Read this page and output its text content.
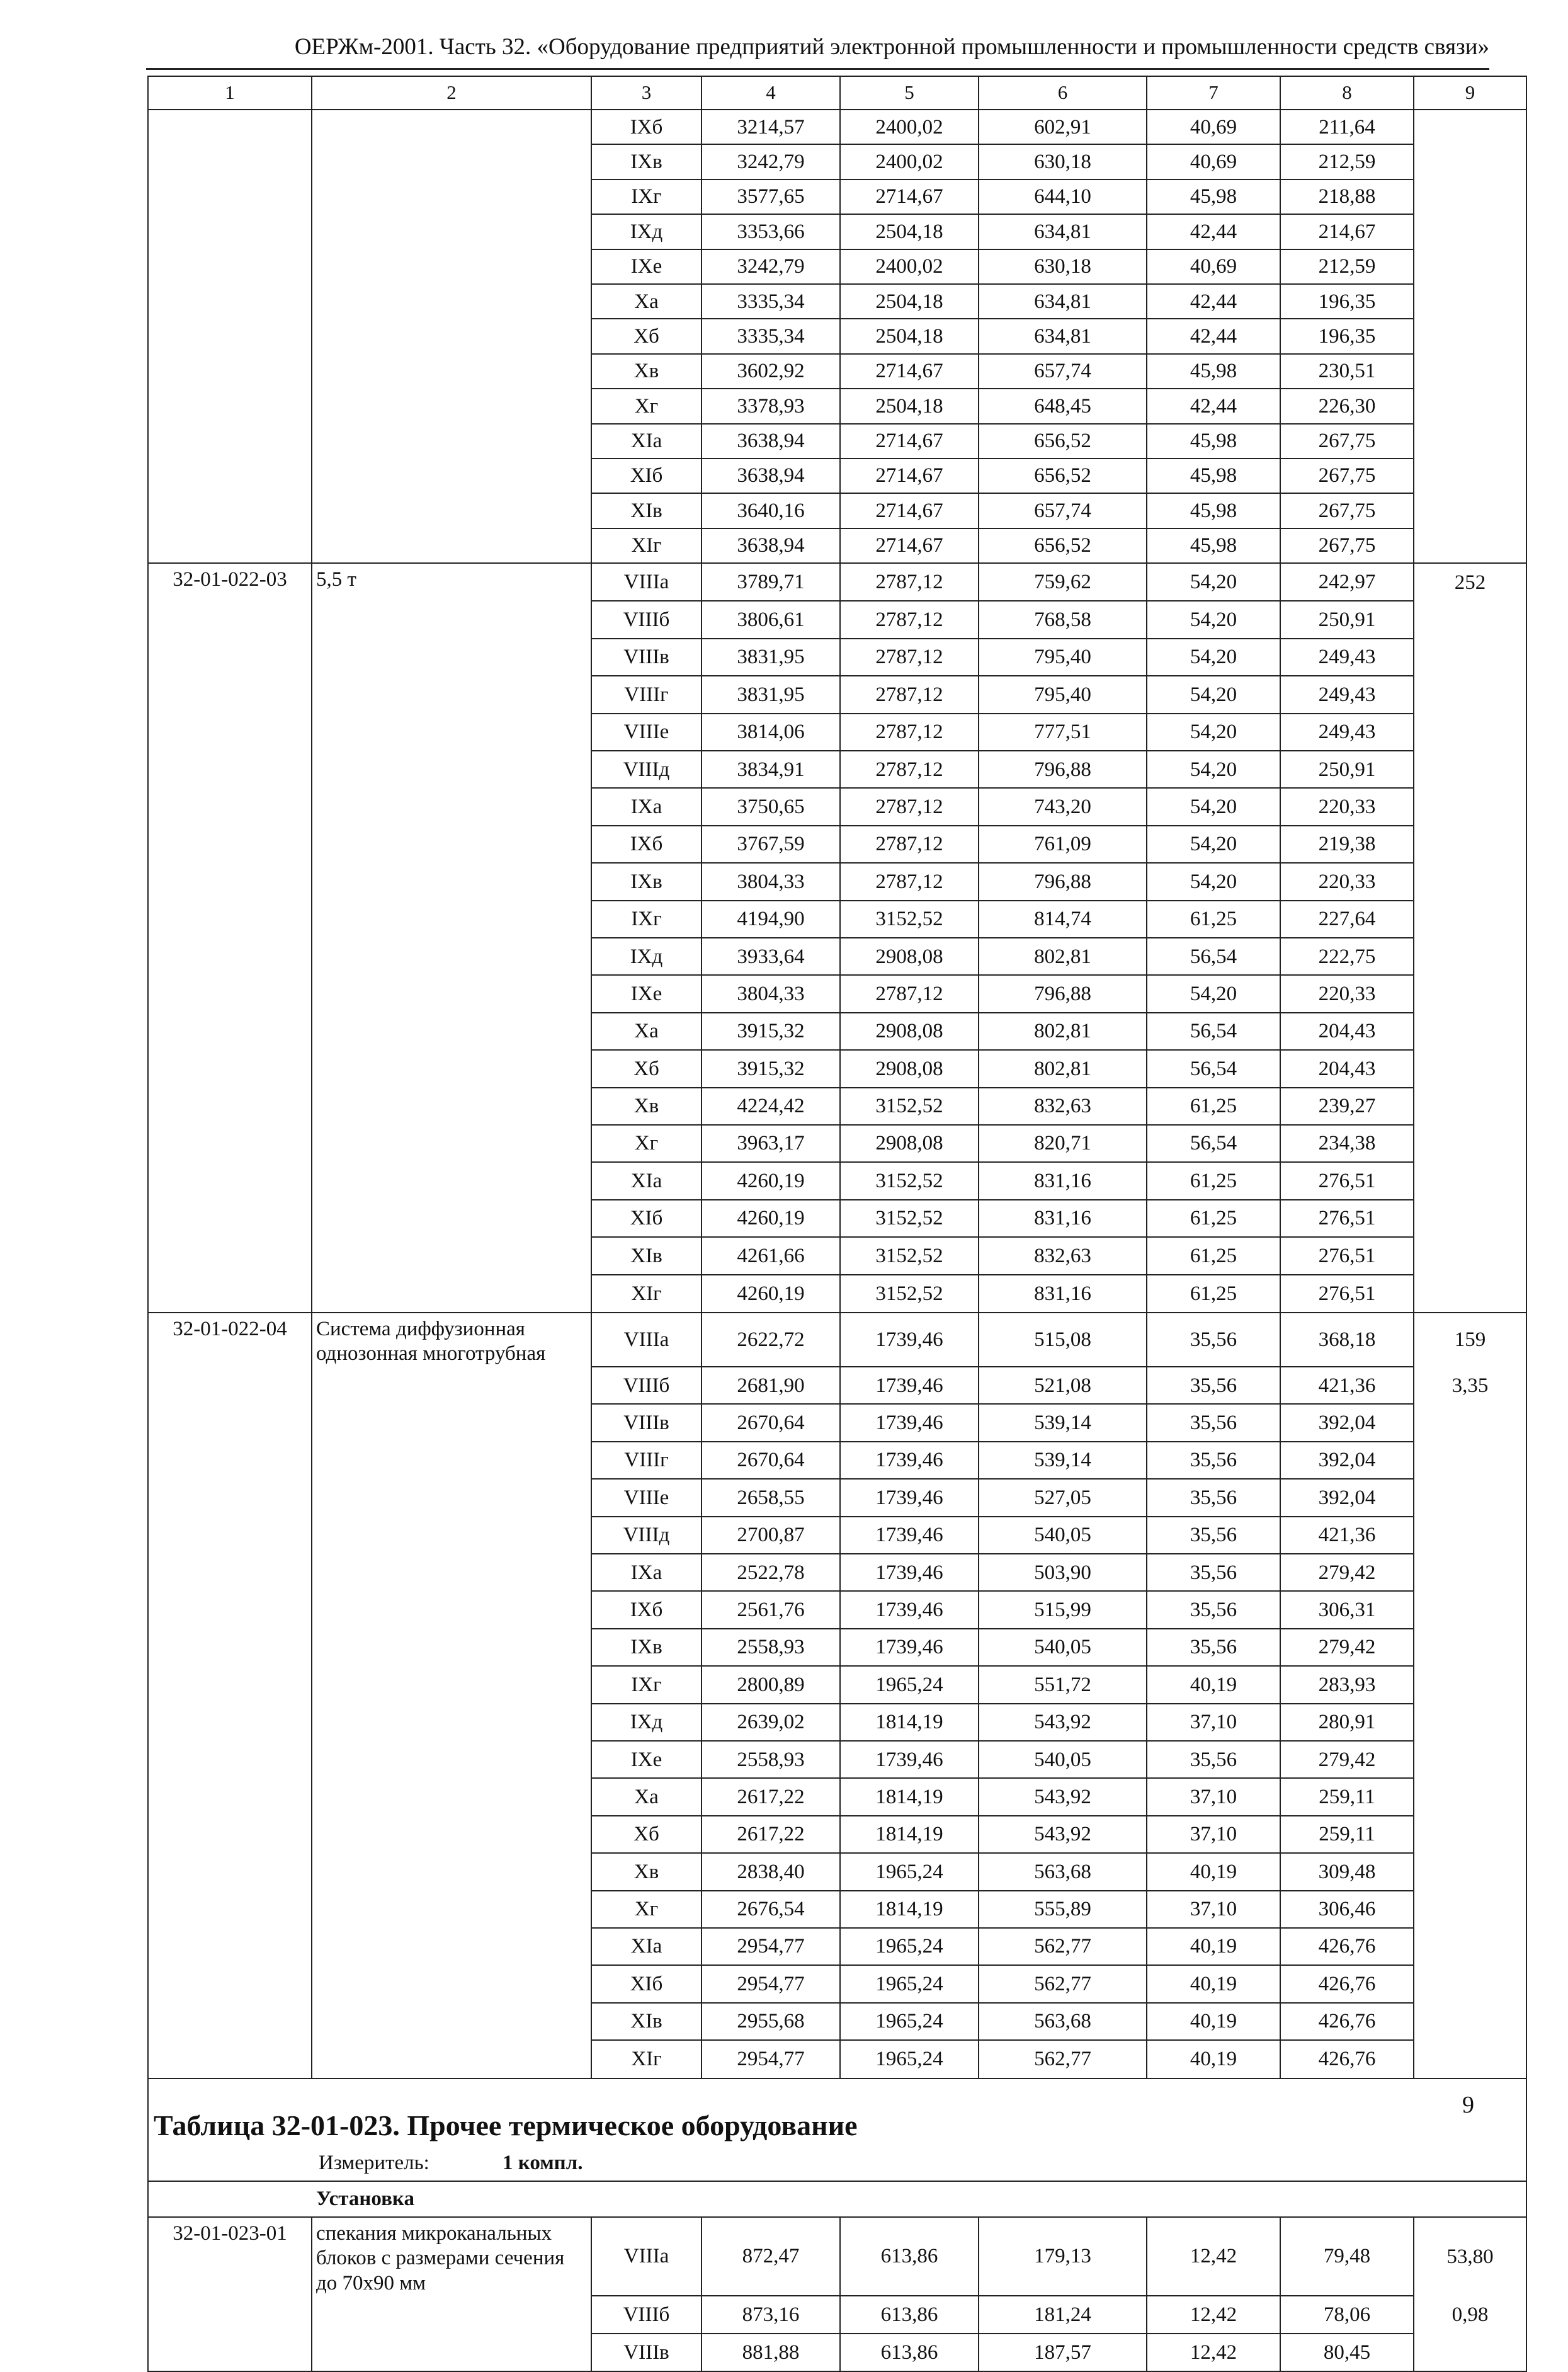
ОЕРЖм-2001. Часть 32. «Оборудование предприятий электронной промышленности и промышленности средств связи»
1	2	3	4	5	6	7	8	9
		IXб	3214,57	2400,02	602,91	40,69	211,64	
		IXв	3242,79	2400,02	630,18	40,69	212,59	
		IXг	3577,65	2714,67	644,10	45,98	218,88	
		IXд	3353,66	2504,18	634,81	42,44	214,67	
		IXе	3242,79	2400,02	630,18	40,69	212,59	
		Xа	3335,34	2504,18	634,81	42,44	196,35	
		Xб	3335,34	2504,18	634,81	42,44	196,35	
		Xв	3602,92	2714,67	657,74	45,98	230,51	
		Xг	3378,93	2504,18	648,45	42,44	226,30	
		XIа	3638,94	2714,67	656,52	45,98	267,75	
		XIб	3638,94	2714,67	656,52	45,98	267,75	
		XIв	3640,16	2714,67	657,74	45,98	267,75	
		XIг	3638,94	2714,67	656,52	45,98	267,75	
32-01-022-03	5,5 т	VIIIа	3789,71	2787,12	759,62	54,20	242,97	252
		VIIIб	3806,61	2787,12	768,58	54,20	250,91	
		VIIIв	3831,95	2787,12	795,40	54,20	249,43	
		VIIIг	3831,95	2787,12	795,40	54,20	249,43	
		VIIIе	3814,06	2787,12	777,51	54,20	249,43	
		VIIIд	3834,91	2787,12	796,88	54,20	250,91	
		IXа	3750,65	2787,12	743,20	54,20	220,33	
		IXб	3767,59	2787,12	761,09	54,20	219,38	
		IXв	3804,33	2787,12	796,88	54,20	220,33	
		IXг	4194,90	3152,52	814,74	61,25	227,64	
		IXд	3933,64	2908,08	802,81	56,54	222,75	
		IXе	3804,33	2787,12	796,88	54,20	220,33	
		Xа	3915,32	2908,08	802,81	56,54	204,43	
		Xб	3915,32	2908,08	802,81	56,54	204,43	
		Xв	4224,42	3152,52	832,63	61,25	239,27	
		Xг	3963,17	2908,08	820,71	56,54	234,38	
		XIа	4260,19	3152,52	831,16	61,25	276,51	
		XIб	4260,19	3152,52	831,16	61,25	276,51	
		XIв	4261,66	3152,52	832,63	61,25	276,51	
		XIг	4260,19	3152,52	831,16	61,25	276,51	
32-01-022-04	Система диффузионная однозонная многотрубная	VIIIа	2622,72	1739,46	515,08	35,56	368,18	159
		VIIIб	2681,90	1739,46	521,08	35,56	421,36	3,35
		VIIIв	2670,64	1739,46	539,14	35,56	392,04	
		VIIIг	2670,64	1739,46	539,14	35,56	392,04	
		VIIIе	2658,55	1739,46	527,05	35,56	392,04	
		VIIIд	2700,87	1739,46	540,05	35,56	421,36	
		IXа	2522,78	1739,46	503,90	35,56	279,42	
		IXб	2561,76	1739,46	515,99	35,56	306,31	
		IXв	2558,93	1739,46	540,05	35,56	279,42	
		IXг	2800,89	1965,24	551,72	40,19	283,93	
		IXд	2639,02	1814,19	543,92	37,10	280,91	
		IXе	2558,93	1739,46	540,05	35,56	279,42	
		Xа	2617,22	1814,19	543,92	37,10	259,11	
		Xб	2617,22	1814,19	543,92	37,10	259,11	
		Xв	2838,40	1965,24	563,68	40,19	309,48	
		Xг	2676,54	1814,19	555,89	37,10	306,46	
		XIа	2954,77	1965,24	562,77	40,19	426,76	
		XIб	2954,77	1965,24	562,77	40,19	426,76	
		XIв	2955,68	1965,24	563,68	40,19	426,76	
		XIг	2954,77	1965,24	562,77	40,19	426,76	
Таблица 32-01-023. Прочее термическое оборудование								
Измеритель: 1 компл.								
Установка								
32-01-023-01	спекания микроканальных блоков с размерами сечения до 70х90 мм	VIIIа	872,47	613,86	179,13	12,42	79,48	53,80
		VIIIб	873,16	613,86	181,24	12,42	78,06	0,98
		VIIIв	881,88	613,86	187,57	12,42	80,45	
9
